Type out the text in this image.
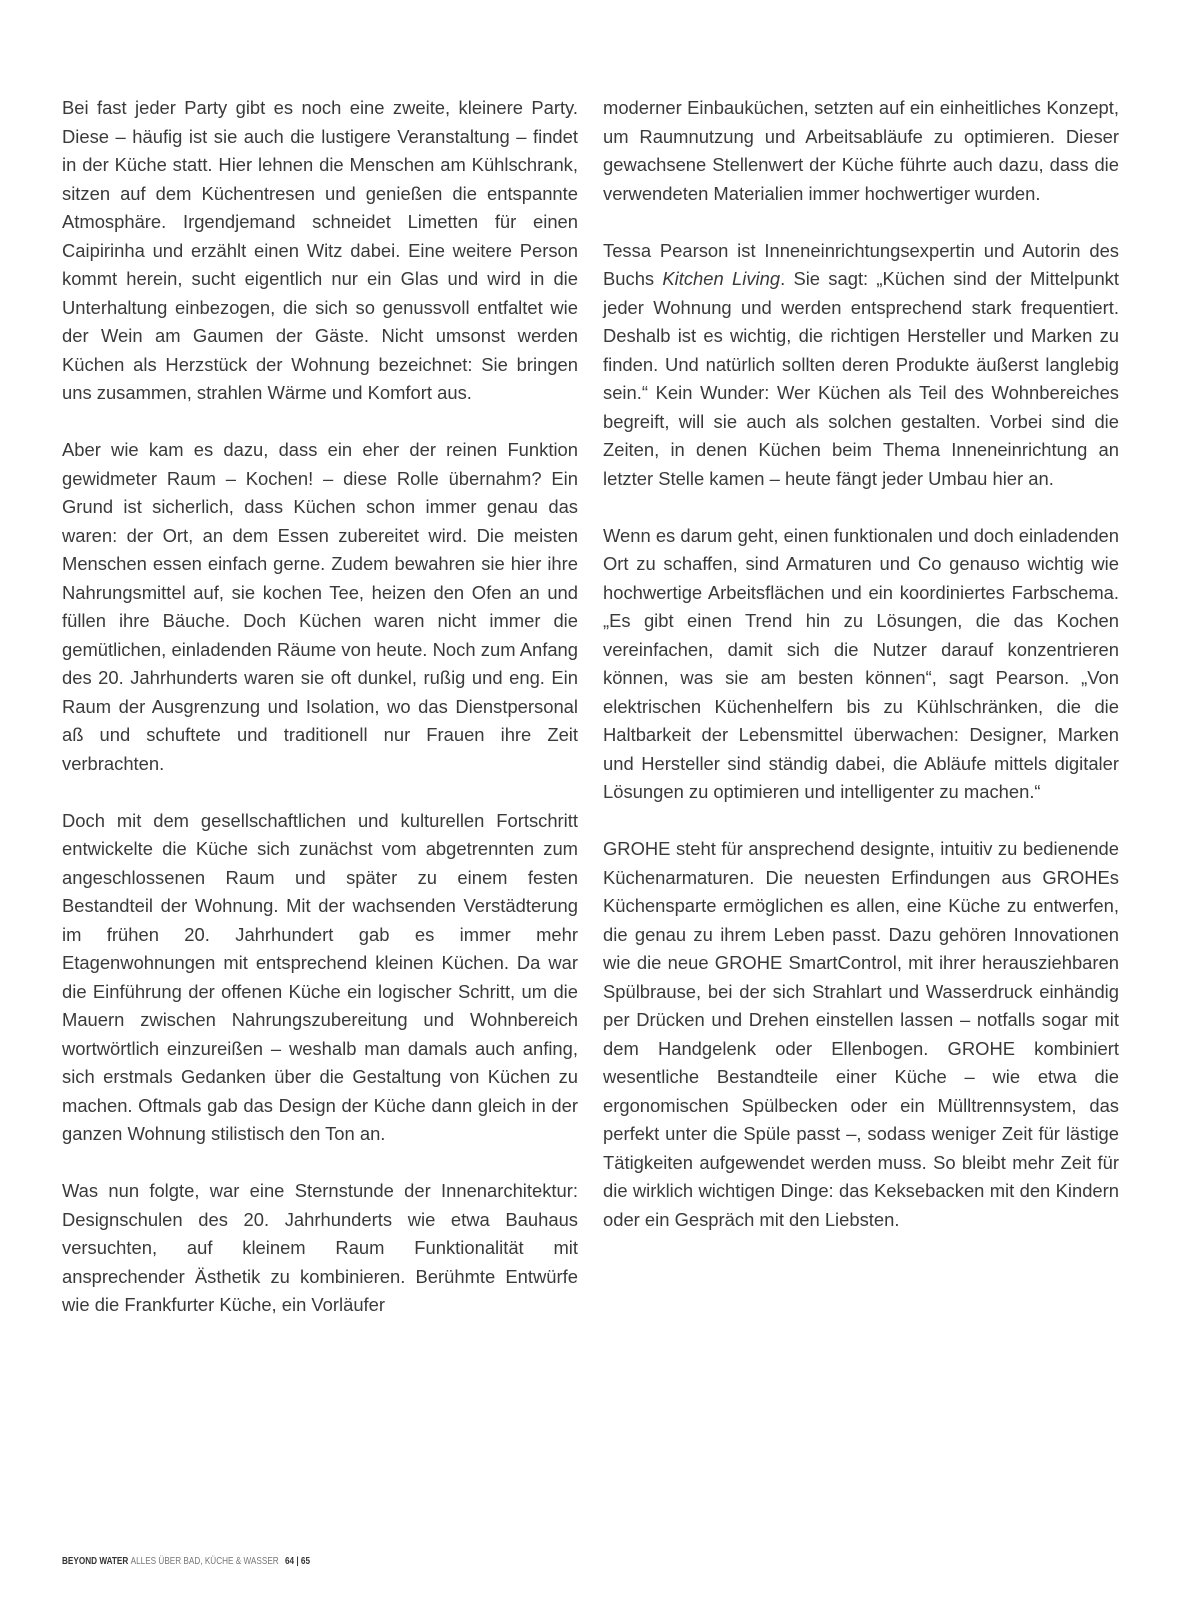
Bei fast jeder Party gibt es noch eine zweite, kleinere Party. Diese – häufig ist sie auch die lustigere Veranstaltung – findet in der Küche statt. Hier lehnen die Menschen am Kühlschrank, sitzen auf dem Küchentresen und genießen die entspannte Atmosphäre. Irgendjemand schneidet Limetten für einen Caipirinha und erzählt einen Witz dabei. Eine weitere Person kommt herein, sucht eigentlich nur ein Glas und wird in die Unterhaltung einbezogen, die sich so genussvoll entfaltet wie der Wein am Gaumen der Gäste. Nicht umsonst werden Küchen als Herzstück der Wohnung bezeichnet: Sie bringen uns zusammen, strahlen Wärme und Komfort aus.

Aber wie kam es dazu, dass ein eher der reinen Funktion gewidmeter Raum – Kochen! – diese Rolle übernahm? Ein Grund ist sicherlich, dass Küchen schon immer genau das waren: der Ort, an dem Essen zubereitet wird. Die meisten Menschen essen einfach gerne. Zudem bewahren sie hier ihre Nahrungsmittel auf, sie kochen Tee, heizen den Ofen an und füllen ihre Bäuche. Doch Küchen waren nicht immer die gemütlichen, einladenden Räume von heute. Noch zum Anfang des 20. Jahrhunderts waren sie oft dunkel, rußig und eng. Ein Raum der Ausgrenzung und Isolation, wo das Dienstpersonal aß und schuftete und traditionell nur Frauen ihre Zeit verbrachten.

Doch mit dem gesellschaftlichen und kulturellen Fortschritt entwickelte die Küche sich zunächst vom abgetrennten zum angeschlossenen Raum und später zu einem festen Bestandteil der Wohnung. Mit der wachsenden Verstädterung im frühen 20. Jahrhundert gab es immer mehr Etagenwohnungen mit entsprechend kleinen Küchen. Da war die Einführung der offenen Küche ein logischer Schritt, um die Mauern zwischen Nahrungszubereitung und Wohnbereich wortwörtlich einzureißen – weshalb man damals auch anfing, sich erstmals Gedanken über die Gestaltung von Küchen zu machen. Oftmals gab das Design der Küche dann gleich in der ganzen Wohnung stilistisch den Ton an.

Was nun folgte, war eine Sternstunde der Innenarchitektur: Designschulen des 20. Jahrhunderts wie etwa Bauhaus versuchten, auf kleinem Raum Funktionalität mit ansprechender Ästhetik zu kombinieren. Berühmte Entwürfe wie die Frankfurter Küche, ein Vorläufer

moderner Einbauküchen, setzten auf ein einheitliches Konzept, um Raumnutzung und Arbeitsabläufe zu optimieren. Dieser gewachsene Stellenwert der Küche führte auch dazu, dass die verwendeten Materialien immer hochwertiger wurden.

Tessa Pearson ist Inneneinrichtungsexpertin und Autorin des Buchs Kitchen Living. Sie sagt: „Küchen sind der Mittelpunkt jeder Wohnung und werden entsprechend stark frequentiert. Deshalb ist es wichtig, die richtigen Hersteller und Marken zu finden. Und natürlich sollten deren Produkte äußerst langlebig sein.“ Kein Wunder: Wer Küchen als Teil des Wohnbereiches begreift, will sie auch als solchen gestalten. Vorbei sind die Zeiten, in denen Küchen beim Thema Inneneinrichtung an letzter Stelle kamen – heute fängt jeder Umbau hier an.

Wenn es darum geht, einen funktionalen und doch einladenden Ort zu schaffen, sind Armaturen und Co genauso wichtig wie hochwertige Arbeitsflächen und ein koordiniertes Farbschema. „Es gibt einen Trend hin zu Lösungen, die das Kochen vereinfachen, damit sich die Nutzer darauf konzentrieren können, was sie am besten können“, sagt Pearson. „Von elektrischen Küchenhelfern bis zu Kühlschränken, die die Haltbarkeit der Lebensmittel überwachen: Designer, Marken und Hersteller sind ständig dabei, die Abläufe mittels digitaler Lösungen zu optimieren und intelligenter zu machen.“

GROHE steht für ansprechend designte, intuitiv zu bedienende Küchenarmaturen. Die neuesten Erfindungen aus GROHEs Küchensparte ermöglichen es allen, eine Küche zu entwerfen, die genau zu ihrem Leben passt. Dazu gehören Innovationen wie die neue GROHE SmartControl, mit ihrer herausziehbaren Spülbrause, bei der sich Strahlart und Wasserdruck einhändig per Drücken und Drehen einstellen lassen – notfalls sogar mit dem Handgelenk oder Ellenbogen. GROHE kombiniert wesentliche Bestandteile einer Küche – wie etwa die ergonomischen Spülbecken oder ein Mülltrennsystem, das perfekt unter die Spüle passt –, sodass weniger Zeit für lästige Tätigkeiten aufgewendet werden muss. So bleibt mehr Zeit für die wirklich wichtigen Dinge: das Keksebacken mit den Kindern oder ein Gespräch mit den Liebsten.

BEYOND WATER ALLES ÜBER BAD, KÜCHE & WASSER 64 | 65
